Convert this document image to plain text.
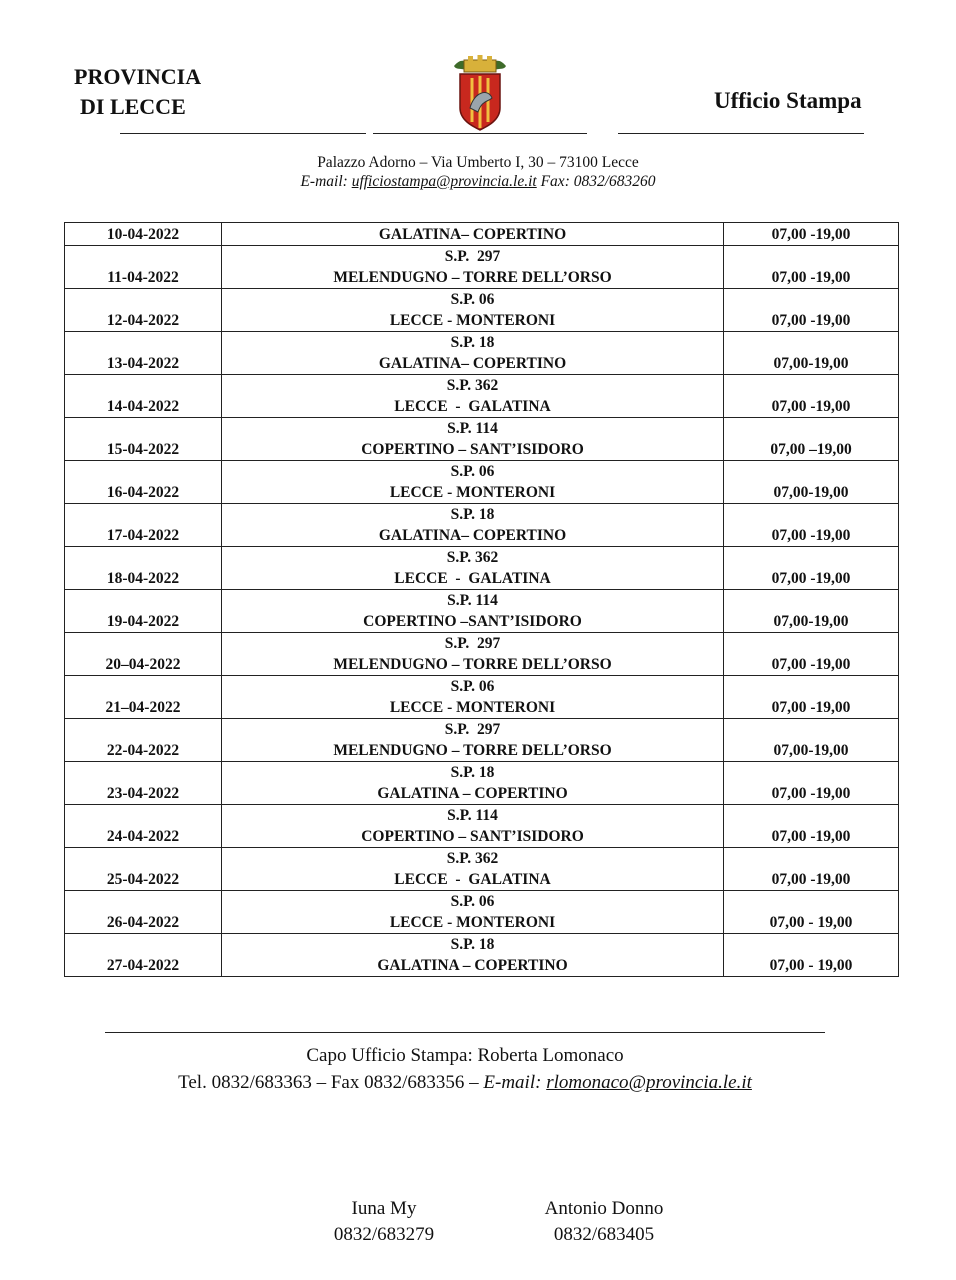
PROVINCIA
DI LECCE	Ufficio Stampa
Palazzo Adorno – Via Umberto I, 30 – 73100 Lecce
E-mail: ufficiostampa@provincia.le.it Fax: 0832/683260
10-04-2022	GALATINA– COPERTINO	07,00 -19,00
11-04-2022	S.P.  297
MELENDUGNO – TORRE DELL’ORSO	07,00 -19,00
12-04-2022	S.P. 06
LECCE - MONTERONI	07,00 -19,00
13-04-2022	S.P. 18
GALATINA– COPERTINO	07,00-19,00
14-04-2022	S.P. 362
LECCE  -  GALATINA	07,00 -19,00
15-04-2022	S.P. 114
COPERTINO – SANT’ISIDORO	07,00 –19,00
16-04-2022	S.P. 06
LECCE - MONTERONI	07,00-19,00
17-04-2022	S.P. 18
GALATINA– COPERTINO	07,00 -19,00
18-04-2022	S.P. 362
LECCE  -  GALATINA	07,00 -19,00
19-04-2022	S.P. 114
COPERTINO –SANT’ISIDORO	07,00-19,00
20–04-2022	S.P.  297
MELENDUGNO – TORRE DELL’ORSO	07,00 -19,00
21–04-2022	S.P. 06
LECCE - MONTERONI	07,00 -19,00
22-04-2022	S.P.  297
MELENDUGNO – TORRE DELL’ORSO	07,00-19,00
23-04-2022	S.P. 18
GALATINA – COPERTINO	07,00 -19,00
24-04-2022	S.P. 114
COPERTINO – SANT’ISIDORO	07,00 -19,00
25-04-2022	S.P. 362
LECCE  -  GALATINA	07,00 -19,00
26-04-2022	S.P. 06
LECCE - MONTERONI	07,00 - 19,00
27-04-2022	S.P. 18
GALATINA – COPERTINO	07,00 - 19,00
Capo Ufficio Stampa: Roberta Lomonaco
Tel. 0832/683363 – Fax 0832/683356 – E-mail: rlomonaco@provincia.le.it
Iuna My
0832/683279
Antonio Donno
0832/683405
